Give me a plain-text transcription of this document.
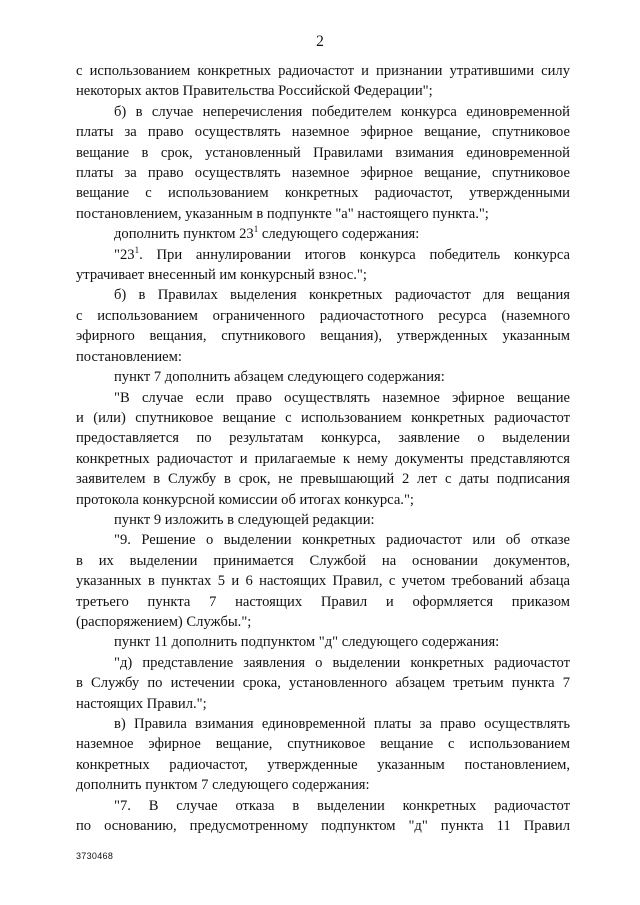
2

с использованием конкретных радиочастот и признании утратившими силу

некоторых актов Правительства Российской Федерации";

б) в случае неперечисления победителем конкурса единовременной

платы за право осуществлять наземное эфирное вещание, спутниковое

вещание в срок, установленный Правилами взимания единовременной

платы за право осуществлять наземное эфирное вещание, спутниковое

вещание с использованием конкретных радиочастот, утвержденными

постановлением, указанным в подпункте "а" настоящего пункта.";

дополнить пунктом $23^1$ следующего содержания:

"$23^1$. При аннулировании итогов конкурса победитель конкурса

утрачивает внесенный им конкурсный взнос.";

б) в Правилах выделения конкретных радиочастот для вещания

с использованием ограниченного радиочастотного ресурса (наземного

эфирного вещания, спутникового вещания), утвержденных указанным

постановлением:

пункт 7 дополнить абзацем следующего содержания:

"В случае если право осуществлять наземное эфирное вещание

и (или) спутниковое вещание с использованием конкретных радиочастот

предоставляется по результатам конкурса, заявление о выделении

конкретных радиочастот и прилагаемые к нему документы представляются

заявителем в Службу в срок, не превышающий 2 лет с даты подписания

протокола конкурсной комиссии об итогах конкурса.";

пункт 9 изложить в следующей редакции:

"9. Решение о выделении конкретных радиочастот или об отказе

в их выделении принимается Службой на основании документов,

указанных в пунктах 5 и 6 настоящих Правил, с учетом требований абзаца

третьего пункта 7 настоящих Правил и оформляется приказом

(распоряжением) Службы.";

пункт 11 дополнить подпунктом "д" следующего содержания:

"д) представление заявления о выделении конкретных радиочастот

в Службу по истечении срока, установленного абзацем третьим пункта 7

настоящих Правил.";

в) Правила взимания единовременной платы за право осуществлять

наземное эфирное вещание, спутниковое вещание с использованием

конкретных радиочастот, утвержденные указанным постановлением,

дополнить пунктом 7 следующего содержания:

"7. В случае отказа в выделении конкретных радиочастот

по основанию, предусмотренному подпунктом "д" пункта 11 Правил

3730468
